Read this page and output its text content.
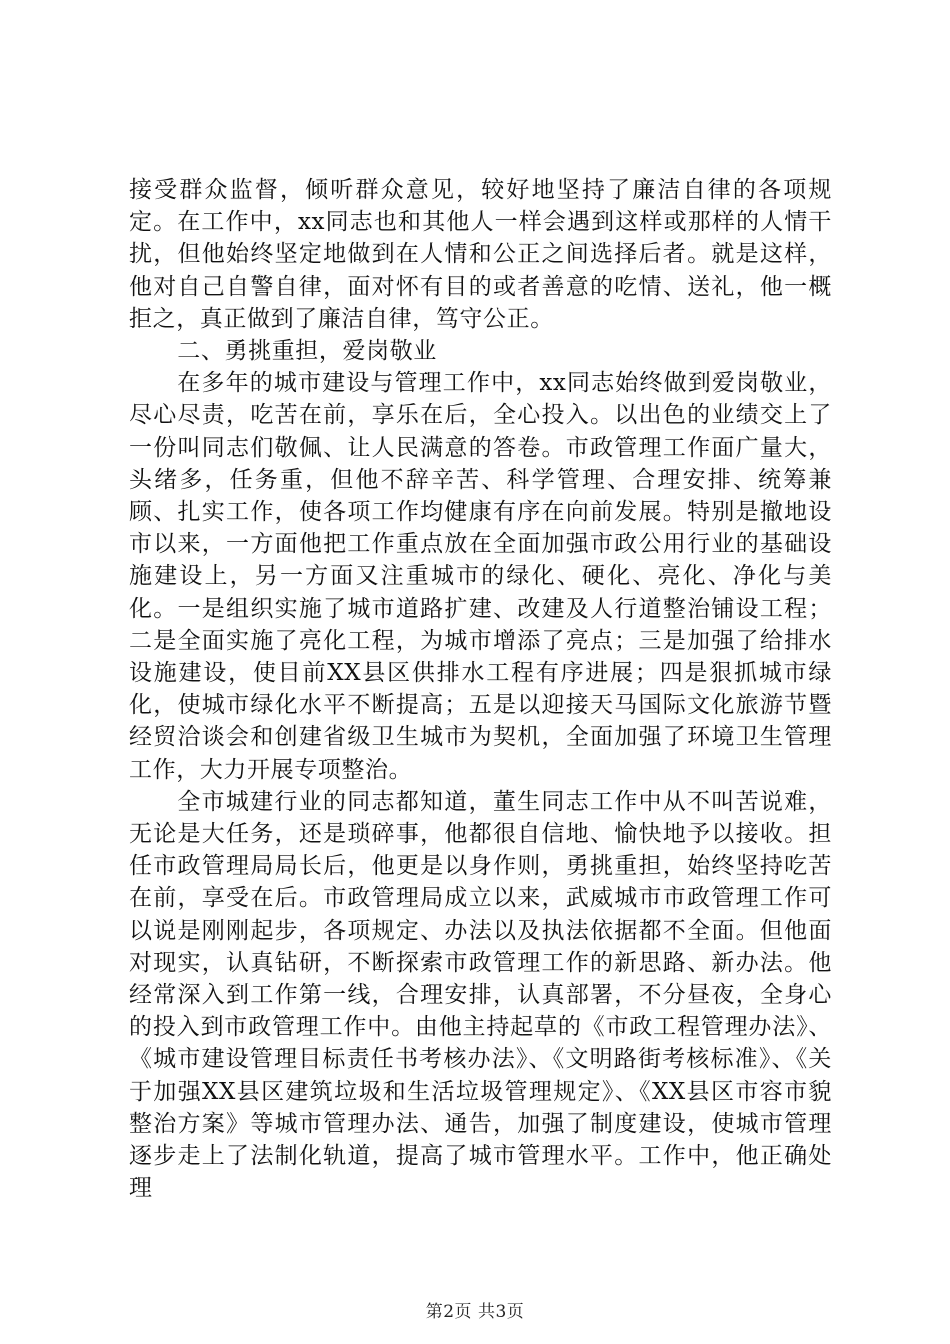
接受群众监督，倾听群众意见，较好地坚持了廉洁自律的各项规定。在工作中，xx同志也和其他人一样会遇到这样或那样的人情干扰，但他始终坚定地做到在人情和公正之间选择后者。就是这样，他对自己自警自律，面对怀有目的或者善意的吃情、送礼，他一概拒之，真正做到了廉洁自律，笃守公正。

二、勇挑重担，爱岗敬业

在多年的城市建设与管理工作中，xx同志始终做到爱岗敬业，尽心尽责，吃苦在前，享乐在后，全心投入。以出色的业绩交上了一份叫同志们敬佩、让人民满意的答卷。市政管理工作面广量大，头绪多，任务重，但他不辞辛苦、科学管理、合理安排、统筹兼顾、扎实工作，使各项工作均健康有序在向前发展。特别是撤地设市以来，一方面他把工作重点放在全面加强市政公用行业的基础设施建设上，另一方面又注重城市的绿化、硬化、亮化、净化与美化。一是组织实施了城市道路扩建、改建及人行道整治铺设工程；二是全面实施了亮化工程，为城市增添了亮点；三是加强了给排水设施建设，使目前XX县区供排水工程有序进展；四是狠抓城市绿化，使城市绿化水平不断提高；五是以迎接天马国际文化旅游节暨经贸洽谈会和创建省级卫生城市为契机，全面加强了环境卫生管理工作，大力开展专项整治。

全市城建行业的同志都知道，董生同志工作中从不叫苦说难，无论是大任务，还是琐碎事，他都很自信地、愉快地予以接收。担任市政管理局局长后，他更是以身作则，勇挑重担，始终坚持吃苦在前，享受在后。市政管理局成立以来，武威城市市政管理工作可以说是刚刚起步，各项规定、办法以及执法依据都不全面。但他面对现实，认真钻研，不断探索市政管理工作的新思路、新办法。他经常深入到工作第一线，合理安排，认真部署，不分昼夜，全身心的投入到市政管理工作中。由他主持起草的《市政工程管理办法》、《城市建设管理目标责任书考核办法》、《文明路街考核标准》、《关于加强XX县区建筑垃圾和生活垃圾管理规定》、《XX县区市容市貌整治方案》等城市管理办法、通告，加强了制度建设，使城市管理逐步走上了法制化轨道，提高了城市管理水平。工作中，他正确处理

第2页 共3页
